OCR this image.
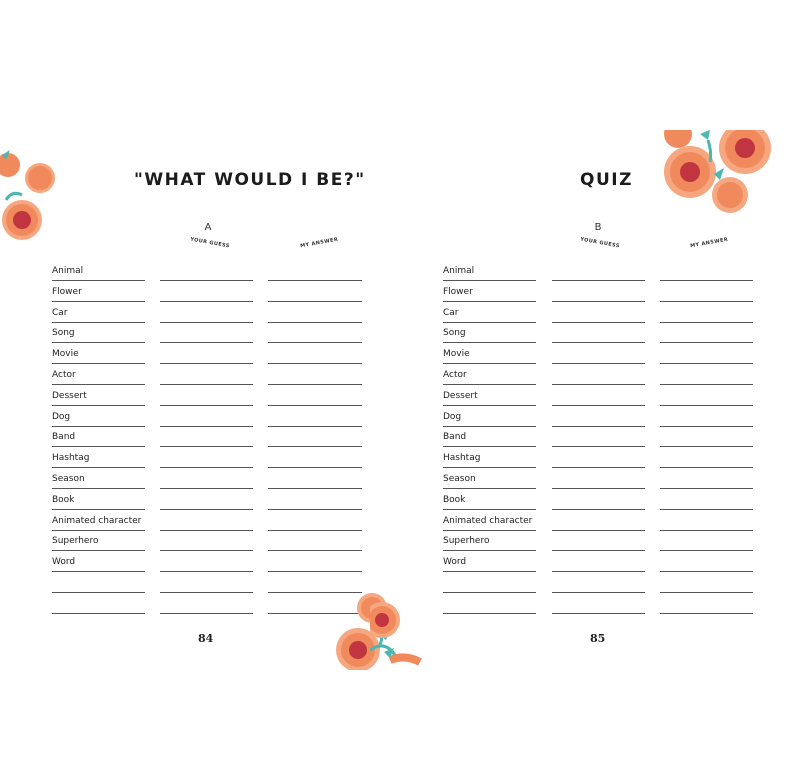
"WHAT WOULD I BE?"
A
YOUR GUESS	MY ANSWER
Animal
Flower
Car
Song
Movie
Actor
Dessert
Dog
Band
Hashtag
Season
Book
Animated character
Superhero
Word
84
QUIZ
B
YOUR GUESS	MY ANSWER
Animal
Flower
Car
Song
Movie
Actor
Dessert
Dog
Band
Hashtag
Season
Book
Animated character
Superhero
Word
85
